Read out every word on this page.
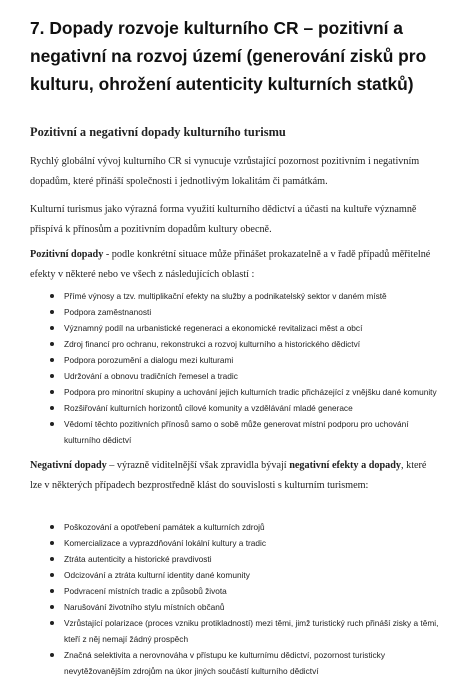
7. Dopady rozvoje kulturního CR – pozitivní a negativní na rozvoj území (generování zisků pro kulturu, ohrožení autenticity kulturních statků)
Pozitivní a negativní dopady kulturního turismu

Rychlý globální vývoj kulturního CR si vynucuje vzrůstající pozornost pozitivním i negativním dopadům, které přináší společnosti i jednotlivým lokalitám či památkám.

Kulturní turismus jako výrazná forma využití kulturního dědictví a účasti na kultuře významně přispívá k přínosům a pozitivním dopadům kultury obecně.

Pozitivní dopady - podle konkrétní situace může přinášet prokazatelně a v řadě případů měřitelné efekty v některé nebo ve všech z následujících oblastí :

Přímé výnosy a tzv. multiplikační efekty na služby a podnikatelský sektor v daném místě
Podpora zaměstnanosti
Významný podíl na urbanistické regeneraci a ekonomické revitalizaci měst a obcí
Zdroj financí pro ochranu, rekonstrukci a rozvoj kulturního a historického dědictví
Podpora porozumění a dialogu mezi kulturami
Udržování a obnovu tradičních řemesel a tradic
Podpora pro minoritní skupiny a uchování jejich kulturních tradic přicházející z vnějšku dané komunity
Rozšiřování kulturních horizontů cílové komunity a vzdělávání mladé generace
Vědomí těchto pozitivních přínosů samo o sobě může generovat místní podporu pro uchování kulturního dědictví

Negativní dopady – výrazně viditelnější však zpravidla bývají negativní efekty a dopady, které lze v některých případech bezprostředně klást do souvislosti s kulturním turismem:

Poškozování a opotřebení památek a kulturních zdrojů
Komercializace a vyprazdňování lokální kultury a tradic
Ztráta autenticity a historické pravdivosti
Odcizování a ztráta kulturní identity dané komunity
Podvracení místních tradic a způsobů života
Narušování životního stylu místních občanů
Vzrůstající polarizace (proces vzniku protikladností) mezi těmi, jimž turistický ruch přináší zisky a těmi, kteří z něj nemají žádný prospěch
Značná selektivita a nerovnováha v přístupu ke kulturnímu dědictví, pozornost turisticky nevytěžovanějším zdrojům na úkor jiných součástí kulturního dědictví
